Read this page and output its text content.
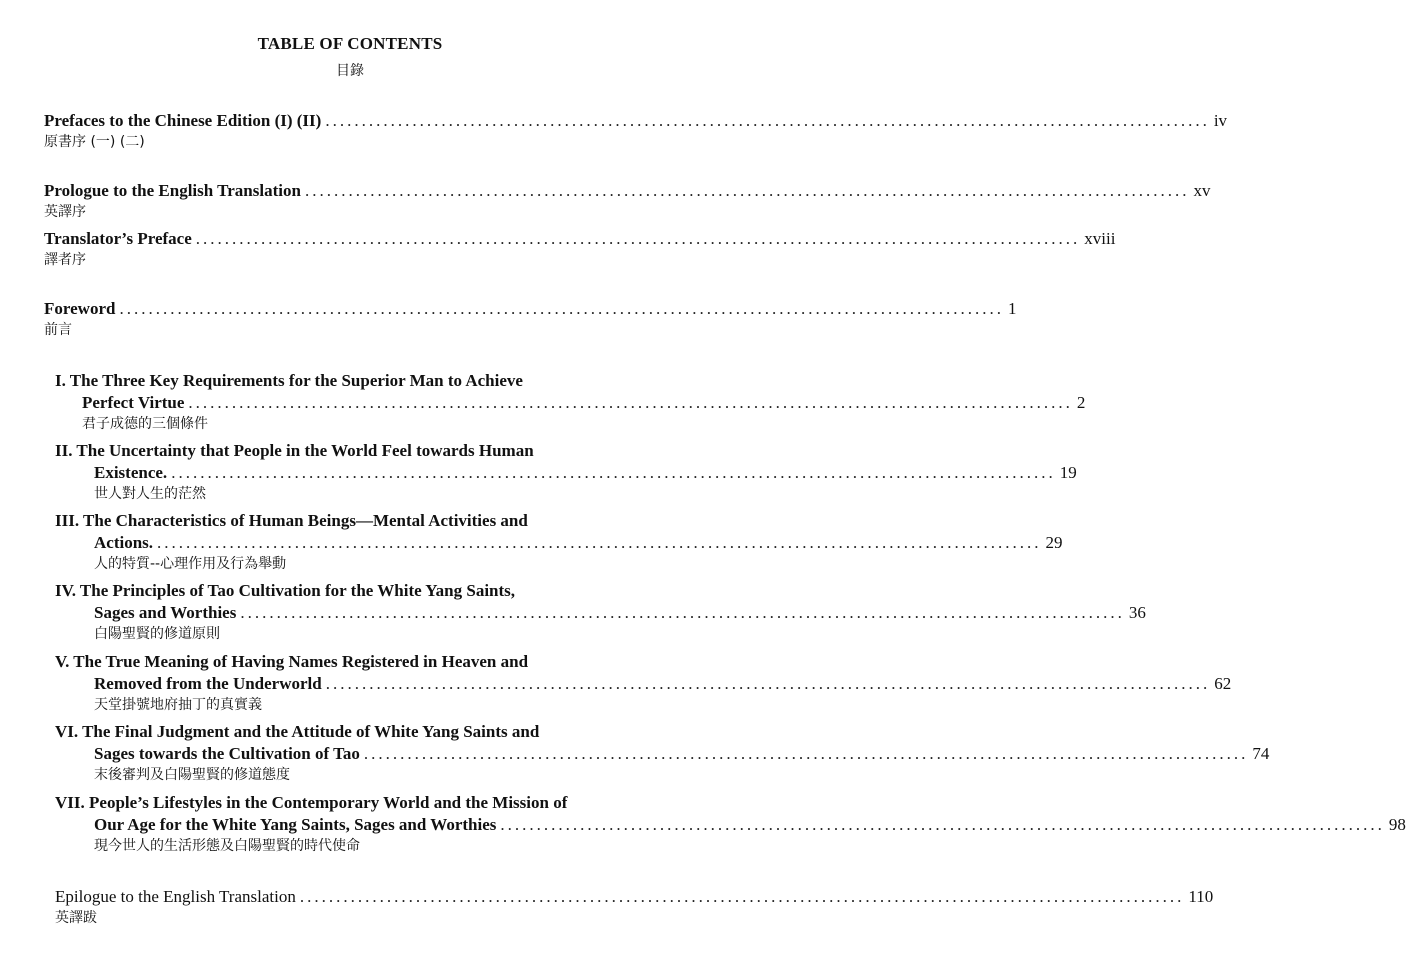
TABLE OF CONTENTS
目錄
Prefaces to the Chinese Edition (I) (II) .......................................................................................................................... iv
原書序 (一) (二)
Prologue to the English Translation .......................................................................................................................... xv
英譯序
Translator’s Preface .......................................................................................................................... xviii
譯者序
Foreword .......................................................................................................................... 1
前言
I. The Three Key Requirements for the Superior Man to Achieve
Perfect Virtue .......................................................................................................................... 2
君子成德的三個條件
II. The Uncertainty that People in the World Feel towards Human
Existence. .......................................................................................................................... 19
世人對人生的茫然
III. The Characteristics of Human Beings—Mental Activities and
Actions. .......................................................................................................................... 29
人的特質--心理作用及行為舉動
IV. The Principles of Tao Cultivation for the White Yang Saints,
Sages and Worthies .......................................................................................................................... 36
白陽聖賢的修道原則
V. The True Meaning of Having Names Registered in Heaven and
Removed from the Underworld .......................................................................................................................... 62
天堂掛號地府抽丁的真實義
VI. The Final Judgment and the Attitude of White Yang Saints and
Sages towards the Cultivation of Tao .......................................................................................................................... 74
末後審判及白陽聖賢的修道態度
VII. People’s Lifestyles in the Contemporary World and the Mission of
Our Age for the White Yang Saints, Sages and Worthies .......................................................................................................................... 98
現今世人的生活形態及白陽聖賢的時代使命
Epilogue to the English Translation .......................................................................................................................... 110
英譯跋
